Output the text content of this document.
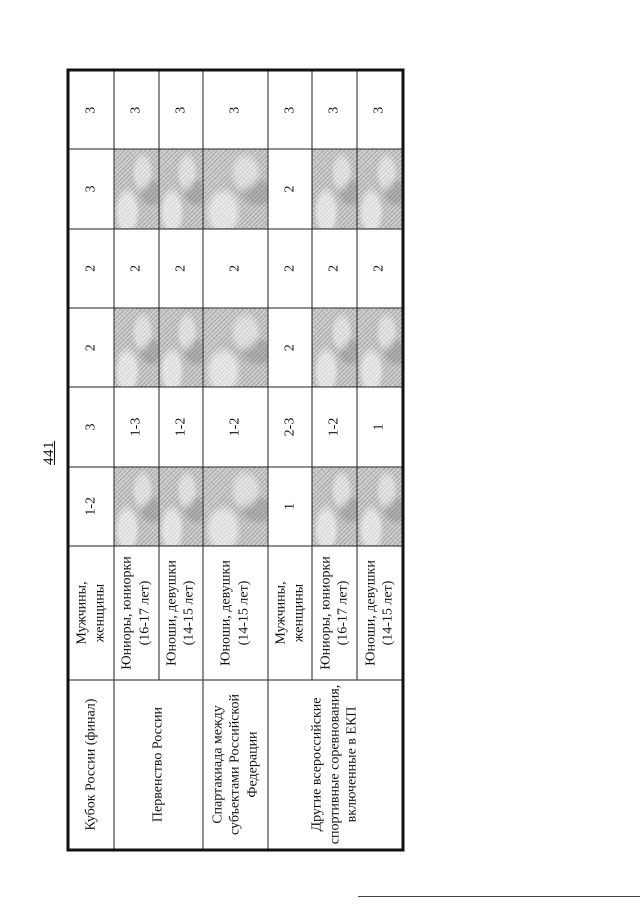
441
Кубок России (финал)	Мужчины, женщины	1-2	3	2	2	3	3
Первенство России	Юниоры, юниорки (16-17 лет)		1-3		2		3
	Юноши, девушки (14-15 лет)		1-2		2		3
Спартакиада между субъектами Российской Федерации	Юноши, девушки (14-15 лет)		1-2		2		3
Другие всероссийские спортивные соревнования, включенные в ЕКП	Мужчины, женщины	1	2-3	2	2	2	3
	Юниоры, юниорки (16-17 лет)		1-2		2		3
	Юноши, девушки (14-15 лет)		1		2		3
